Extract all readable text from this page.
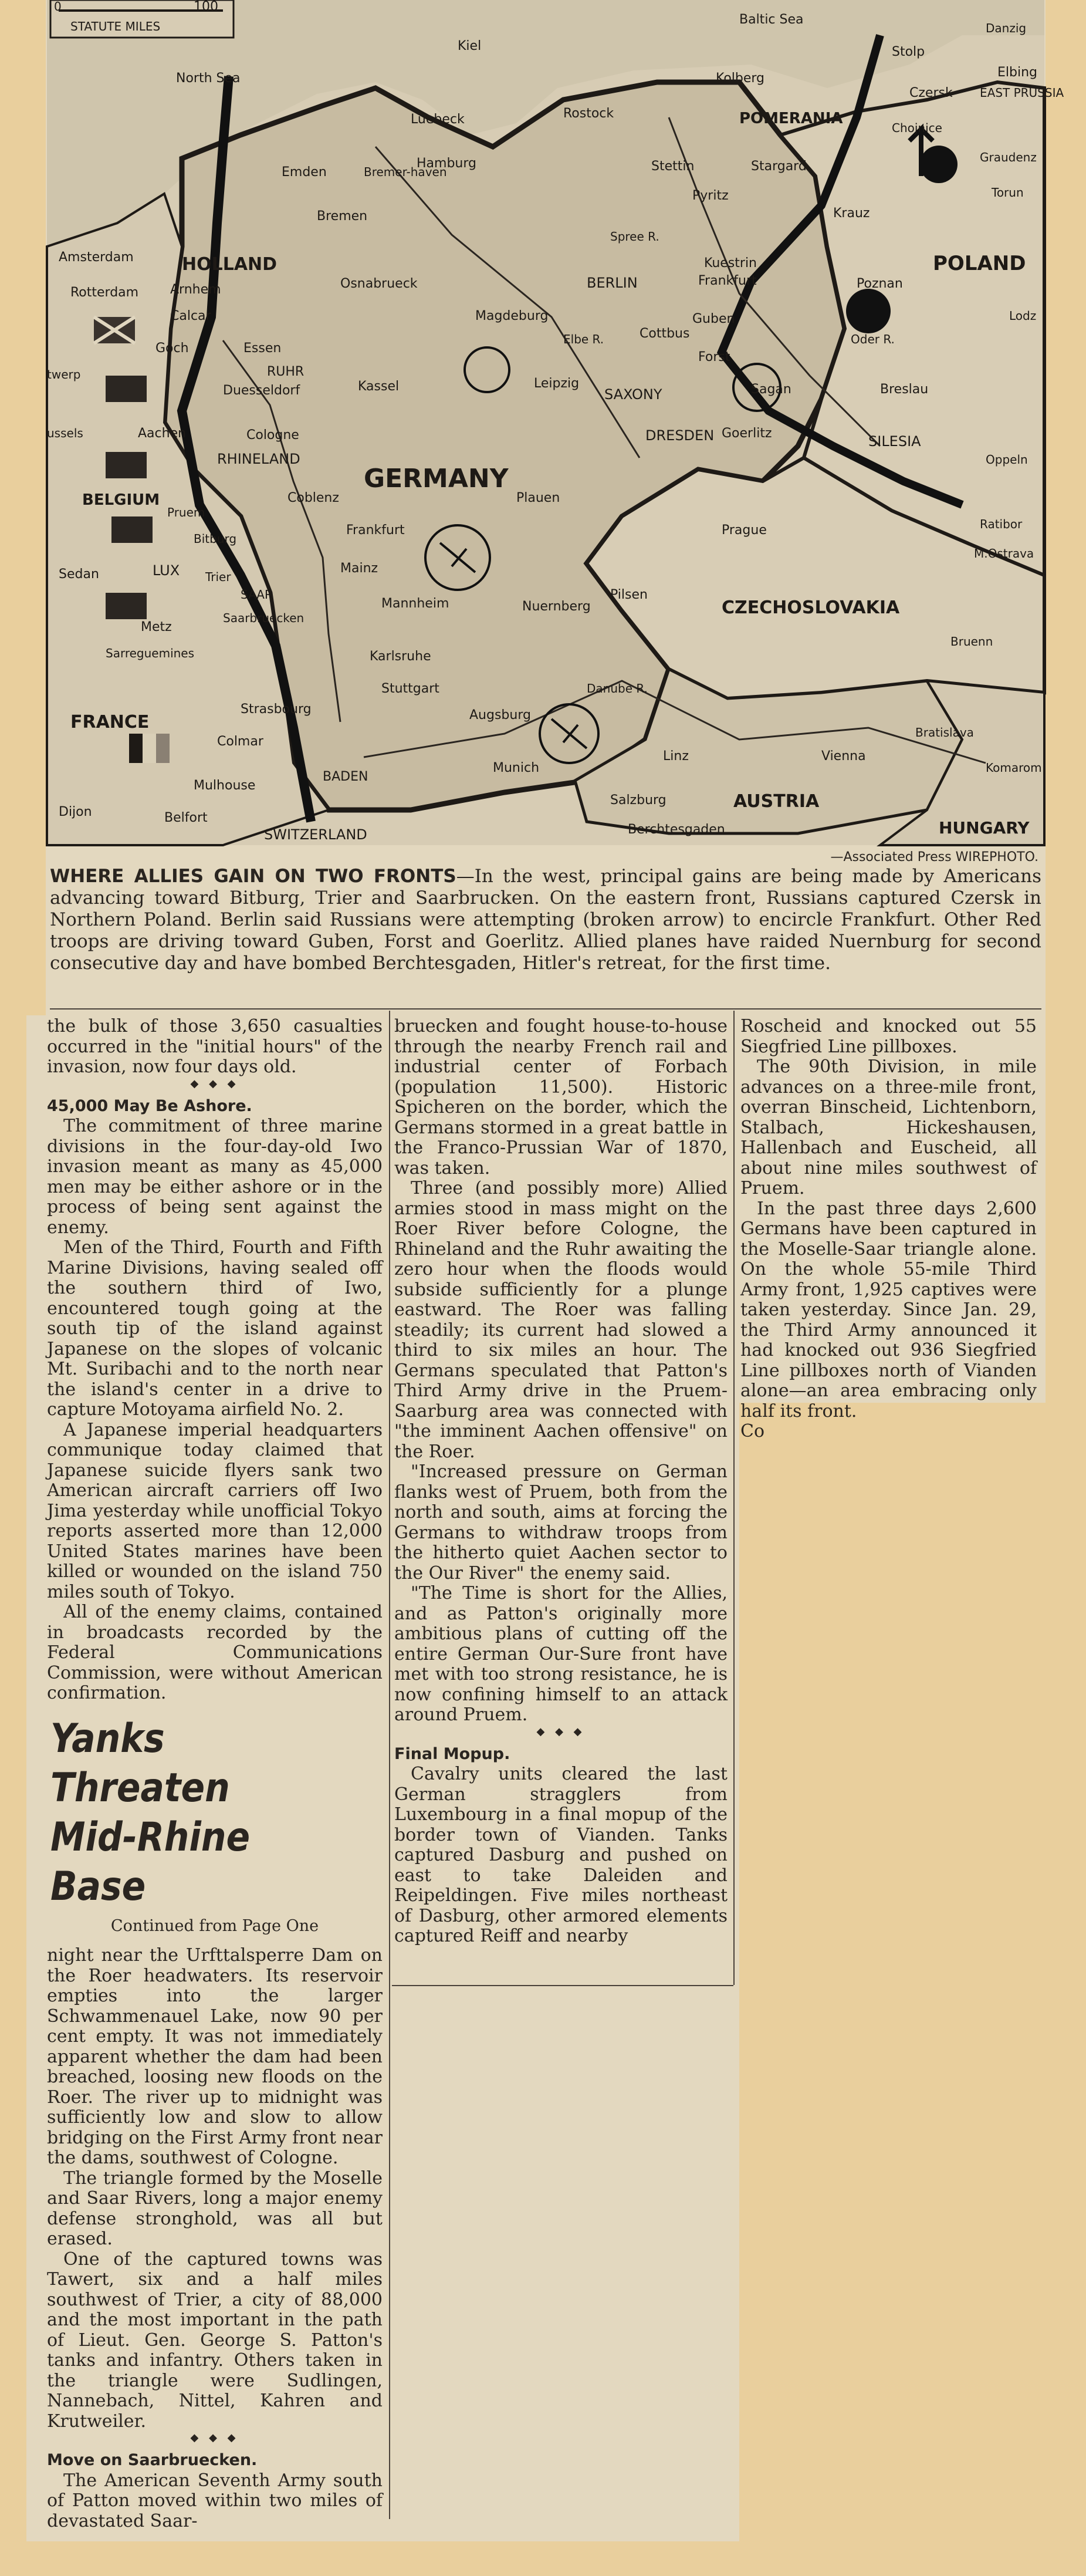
0	100
STATUTE MILES	Baltic Sea
North Sea
Danzig
Kiel	Stolp
Elbing
Kolberg
Czersk EAST PRUSSIA
Luebeck	Rostock	POMERANIA
Chojnice
Graudenz
Hamburg	Stettin	Stargard
Torun
Emden	Bremer-haven
Pyritz
Krauz
Bremen
HOLLAND
Spree R.
Kuestrin
Amsterdam
BERLIN	Frankfurt	Poznan
POLAND
Osnabrueck
Magdeburg	Lodz
Rotterdam Arnhem
Guben
Calcar
Cottbus	Oder R.
Goch	Essen
RUHR
Forst
Elbe R.
twerp
Duesseldorf	Kassel	Leipzig
SAXONY	Sagan	Breslau
ussels	Aachen	Cologne	DRESDEN Goerlitz
RHINELAND
SILESIA
Oppeln
Coblenz
GERMANY
Plauen
BELGIUM
Pruem
Frankfurt	Prague	Ratibor
LUX
Bitburg
Mainz
M.Ostrava
Sedan	Trier
SAAR	Pilsen
Mannheim	Nuernberg	CZECHOSLOVAKIA
Metz
Saarbruecken
Sarreguemines	Karlsruhe
Bruenn
Stuttgart
Strasbourg	Augsburg
Danube R.
FRANCE
Colmar
Linz	Vienna
Bratislava
Munich
Mulhouse
BADEN
Komarom
Salzburg	AUSTRIA
Belfort
Dijon
Berchtesgaden	HUNGARY
SWITZERLAND
—Associated Press WIREPHOTO.
WHERE ALLIES GAIN ON TWO FRONTS—In the west, principal gains are being made by Americans advancing toward Bitburg, Trier and Saarbrucken. On the eastern front, Russians captured Czersk in Northern Poland. Berlin said Russians were attempting (broken arrow) to encircle Frankfurt. Other Red troops are driving toward Guben, Forst and Goerlitz. Allied planes have raided Nuernburg for second consecutive day and have bombed Berchtesgaden, Hitler's retreat, for the first time.

the bulk of those 3,650 casualties occurred in the "initial hours" of the invasion, now four days old.

◆ ◆ ◆
45,000 May Be Ashore.

The commitment of three marine divisions in the four-day-old Iwo invasion meant as many as 45,000 men may be either ashore or in the process of being sent against the enemy.

Men of the Third, Fourth and Fifth Marine Divisions, having sealed off the southern third of Iwo, encountered tough going at the south tip of the island against Japanese on the slopes of volcanic Mt. Suribachi and to the north near the island's center in a drive to capture Motoyama airfield No. 2.

A Japanese imperial headquarters communique today claimed that Japanese suicide flyers sank two American aircraft carriers off Iwo Jima yesterday while unofficial Tokyo reports asserted more than 12,000 United States marines have been killed or wounded on the island 750 miles south of Tokyo.

All of the enemy claims, contained in broadcasts recorded by the Federal Communications Commission, were without American confirmation.

Yanks Threaten
Mid-Rhine Base
Continued from Page One

night near the Urfttalsperre Dam on the Roer headwaters. Its reservoir empties into the larger Schwammenauel Lake, now 90 per cent empty. It was not immediately apparent whether the dam had been breached, loosing new floods on the Roer. The river up to midnight was sufficiently low and slow to allow bridging on the First Army front near the dams, southwest of Cologne.

The triangle formed by the Moselle and Saar Rivers, long a major enemy defense stronghold, was all but erased.

One of the captured towns was Tawert, six and a half miles southwest of Trier, a city of 88,000 and the most important in the path of Lieut. Gen. George S. Patton's tanks and infantry. Others taken in the triangle were Sudlingen, Nannebach, Nittel, Kahren and Krutweiler.

◆ ◆ ◆
Move on Saarbruecken.

The American Seventh Army south of Patton moved within two miles of devastated Saar-

bruecken and fought house-to-house through the nearby French rail and industrial center of Forbach (population 11,500). Historic Spicheren on the border, which the Germans stormed in a great battle in the Franco-Prussian War of 1870, was taken.

Three (and possibly more) Allied armies stood in mass might on the Roer River before Cologne, the Rhineland and the Ruhr awaiting the zero hour when the floods would subside sufficiently for a plunge eastward. The Roer was falling steadily; its current had slowed a third to six miles an hour. The Germans speculated that Patton's Third Army drive in the Pruem-Saarburg area was connected with "the imminent Aachen offensive" on the Roer.

"Increased pressure on German flanks west of Pruem, both from the north and south, aims at forcing the Germans to withdraw troops from the hitherto quiet Aachen sector to the Our River" the enemy said.

"The Time is short for the Allies, and as Patton's originally more ambitious plans of cutting off the entire German Our-Sure front have met with too strong resistance, he is now confining himself to an attack around Pruem.

◆ ◆ ◆
Final Mopup.

Cavalry units cleared the last German stragglers from Luxembourg in a final mopup of the border town of Vianden. Tanks captured Dasburg and pushed on east to take Daleiden and Reipeldingen. Five miles northeast of Dasburg, other armored elements captured Reiff and nearby

Roscheid and knocked out 55 Siegfried Line pillboxes.

The 90th Division, in mile advances on a three-mile front, overran Binscheid, Lichtenborn, Stalbach, Hickeshausen, Hallenbach and Euscheid, all about nine miles southwest of Pruem.

In the past three days 2,600 Germans have been captured in the Moselle-Saar triangle alone. On the whole 55-mile Third Army front, 1,925 captives were taken yesterday. Since Jan. 29, the Third Army announced it had knocked out 936 Siegfried Line pillboxes north of Vianden alone—an area embracing only half its front.

Co
